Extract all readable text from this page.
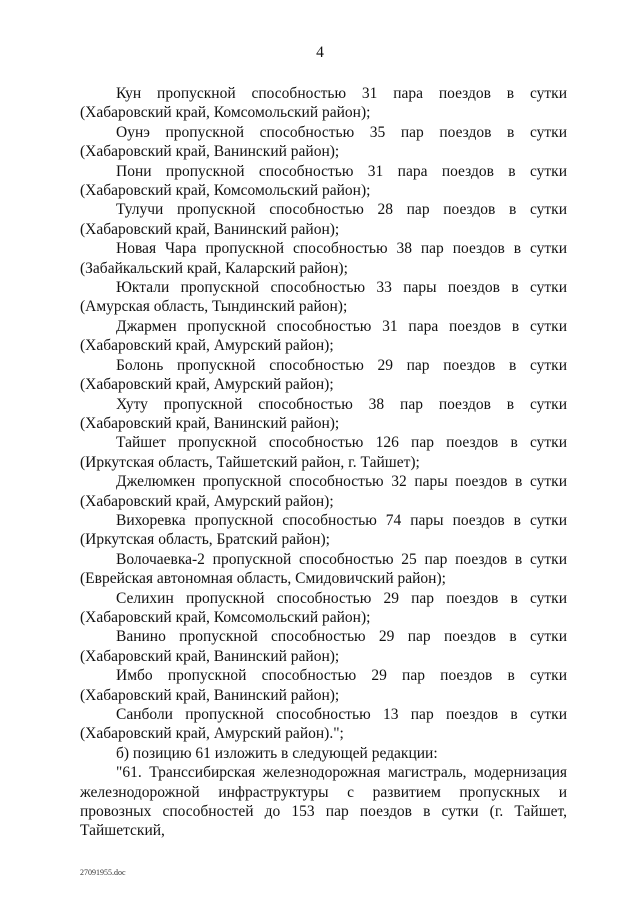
4

Кун пропускной способностью 31 пара поездов в сутки (Хабаровский край, Комсомольский район);

Оунэ пропускной способностью 35 пар поездов в сутки (Хабаровский край, Ванинский район);

Пони пропускной способностью 31 пара поездов в сутки (Хабаровский край, Комсомольский район);

Тулучи пропускной способностью 28 пар поездов в сутки (Хабаровский край, Ванинский район);

Новая Чара пропускной способностью 38 пар поездов в сутки (Забайкальский край, Каларский район);

Юктали пропускной способностью 33 пары поездов в сутки (Амурская область, Тындинский район);

Джармен пропускной способностью 31 пара поездов в сутки (Хабаровский край, Амурский район);

Болонь пропускной способностью 29 пар поездов в сутки (Хабаровский край, Амурский район);

Хуту пропускной способностью 38 пар поездов в сутки (Хабаровский край, Ванинский район);

Тайшет пропускной способностью 126 пар поездов в сутки (Иркутская область, Тайшетский район, г. Тайшет);

Джелюмкен пропускной способностью 32 пары поездов в сутки (Хабаровский край, Амурский район);

Вихоревка пропускной способностью 74 пары поездов в сутки (Иркутская область, Братский район);

Волочаевка-2 пропускной способностью 25 пар поездов в сутки (Еврейская автономная область, Смидовичский район);

Селихин пропускной способностью 29 пар поездов в сутки (Хабаровский край, Комсомольский район);

Ванино пропускной способностью 29 пар поездов в сутки (Хабаровский край, Ванинский район);

Имбо пропускной способностью 29 пар поездов в сутки (Хабаровский край, Ванинский район);

Санболи пропускной способностью 13 пар поездов в сутки (Хабаровский край, Амурский район).";

б) позицию 61 изложить в следующей редакции:

"61. Транссибирская железнодорожная магистраль, модернизация железнодорожной инфраструктуры с развитием пропускных и провозных способностей до 153 пар поездов в сутки (г. Тайшет, Тайшетский,

27091955.doc
